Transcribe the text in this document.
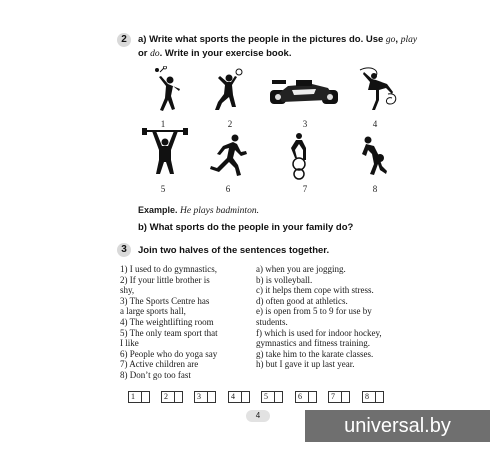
2	a) Write what sports the people in the pictures do. Use go, play
or do. Write in your exercise book.
1	2	3	4
5	6	7	8
Example. He plays badminton.
b) What sports do the people in your family do?
3	Join two halves of the sentences together.
1) I used to do gymnastics,
2) If your little brother is
shy,
3) The Sports Centre has
a large sports hall,
4) The weightlifting room
5) The only team sport that
I like
6) People who do yoga say
7) Active children are
8) Don’t go too fast
a) when you are jogging.
b) is volleyball.
c) it helps them cope with stress.
d) often good at athletics.
e) is open from 5 to 9 for use by
students.
f) which is used for indoor hockey,
gymnastics and fitness training.
g) take him to the karate classes.
h) but I gave it up last year.
1	2	3	4	5	6	7	8
4	universal.by
